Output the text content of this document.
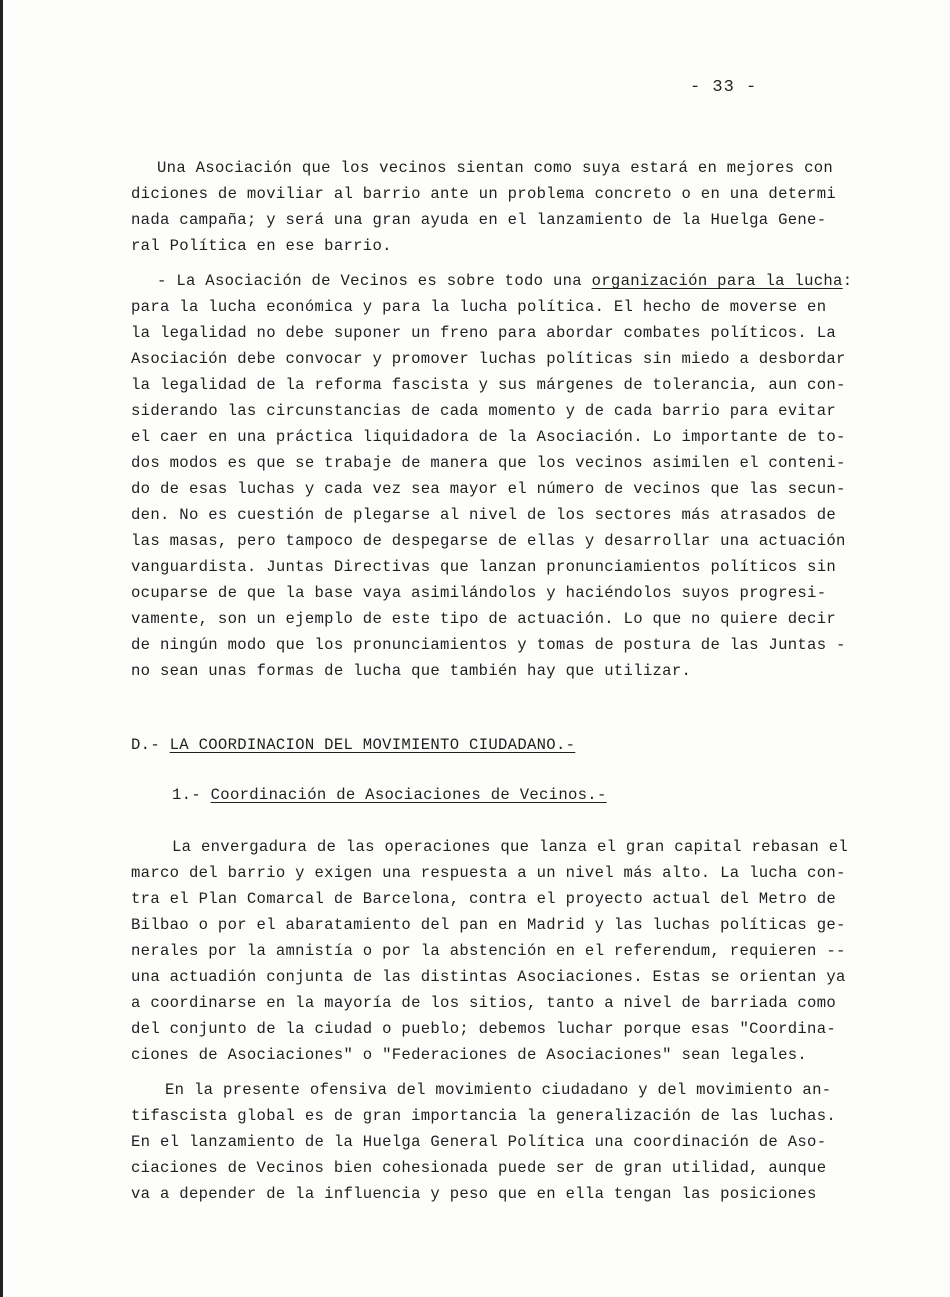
- 33 -
Una Asociación que los vecinos sientan como suya estará en mejores con
diciones de moviliar al barrio ante un problema concreto o en una determi
nada campaña; y será una gran ayuda en el lanzamiento de la Huelga Gene-
ral Política en ese barrio.
- La Asociación de Vecinos es sobre todo una organización para la lucha:
para la lucha económica y para la lucha política. El hecho de moverse en
la legalidad no debe suponer un freno para abordar combates políticos. La
Asociación debe convocar y promover luchas políticas sin miedo a desbordar
la legalidad de la reforma fascista y sus márgenes de tolerancia, aun con-
siderando las circunstancias de cada momento y de cada barrio para evitar
el caer en una práctica liquidadora de la Asociación. Lo importante de to-
dos modos es que se trabaje de manera que los vecinos asimilen el conteni-
do de esas luchas y cada vez sea mayor el número de vecinos que las secun-
den. No es cuestión de plegarse al nivel de los sectores más atrasados de
las masas, pero tampoco de despegarse de ellas y desarrollar una actuación
vanguardista. Juntas Directivas que lanzan pronunciamientos políticos sin
ocuparse de que la base vaya asimilándolos y haciéndolos suyos progresi-
vamente, son un ejemplo de este tipo de actuación. Lo que no quiere decir
de ningún modo que los pronunciamientos y tomas de postura de las Juntas -
no sean unas formas de lucha que también hay que utilizar.
D.- LA COORDINACION DEL MOVIMIENTO CIUDADANO.-
1.- Coordinación de Asociaciones de Vecinos.-
La envergadura de las operaciones que lanza el gran capital rebasan el
marco del barrio y exigen una respuesta a un nivel más alto. La lucha con-
tra el Plan Comarcal de Barcelona, contra el proyecto actual del Metro de
Bilbao o por el abaratamiento del pan en Madrid y las luchas políticas ge-
nerales por la amnistía o por la abstención en el referendum, requieren --
una actuadión conjunta de las distintas Asociaciones. Estas se orientan ya
a coordinarse en la mayoría de los sitios, tanto a nivel de barriada como
del conjunto de la ciudad o pueblo; debemos luchar porque esas "Coordina-
ciones de Asociaciones" o "Federaciones de Asociaciones" sean legales.
En la presente ofensiva del movimiento ciudadano y del movimiento an-
tifascista global es de gran importancia la generalización de las luchas.
En el lanzamiento de la Huelga General Política una coordinación de Aso-
ciaciones de Vecinos bien cohesionada puede ser de gran utilidad, aunque
va a depender de la influencia y peso que en ella tengan las posiciones
